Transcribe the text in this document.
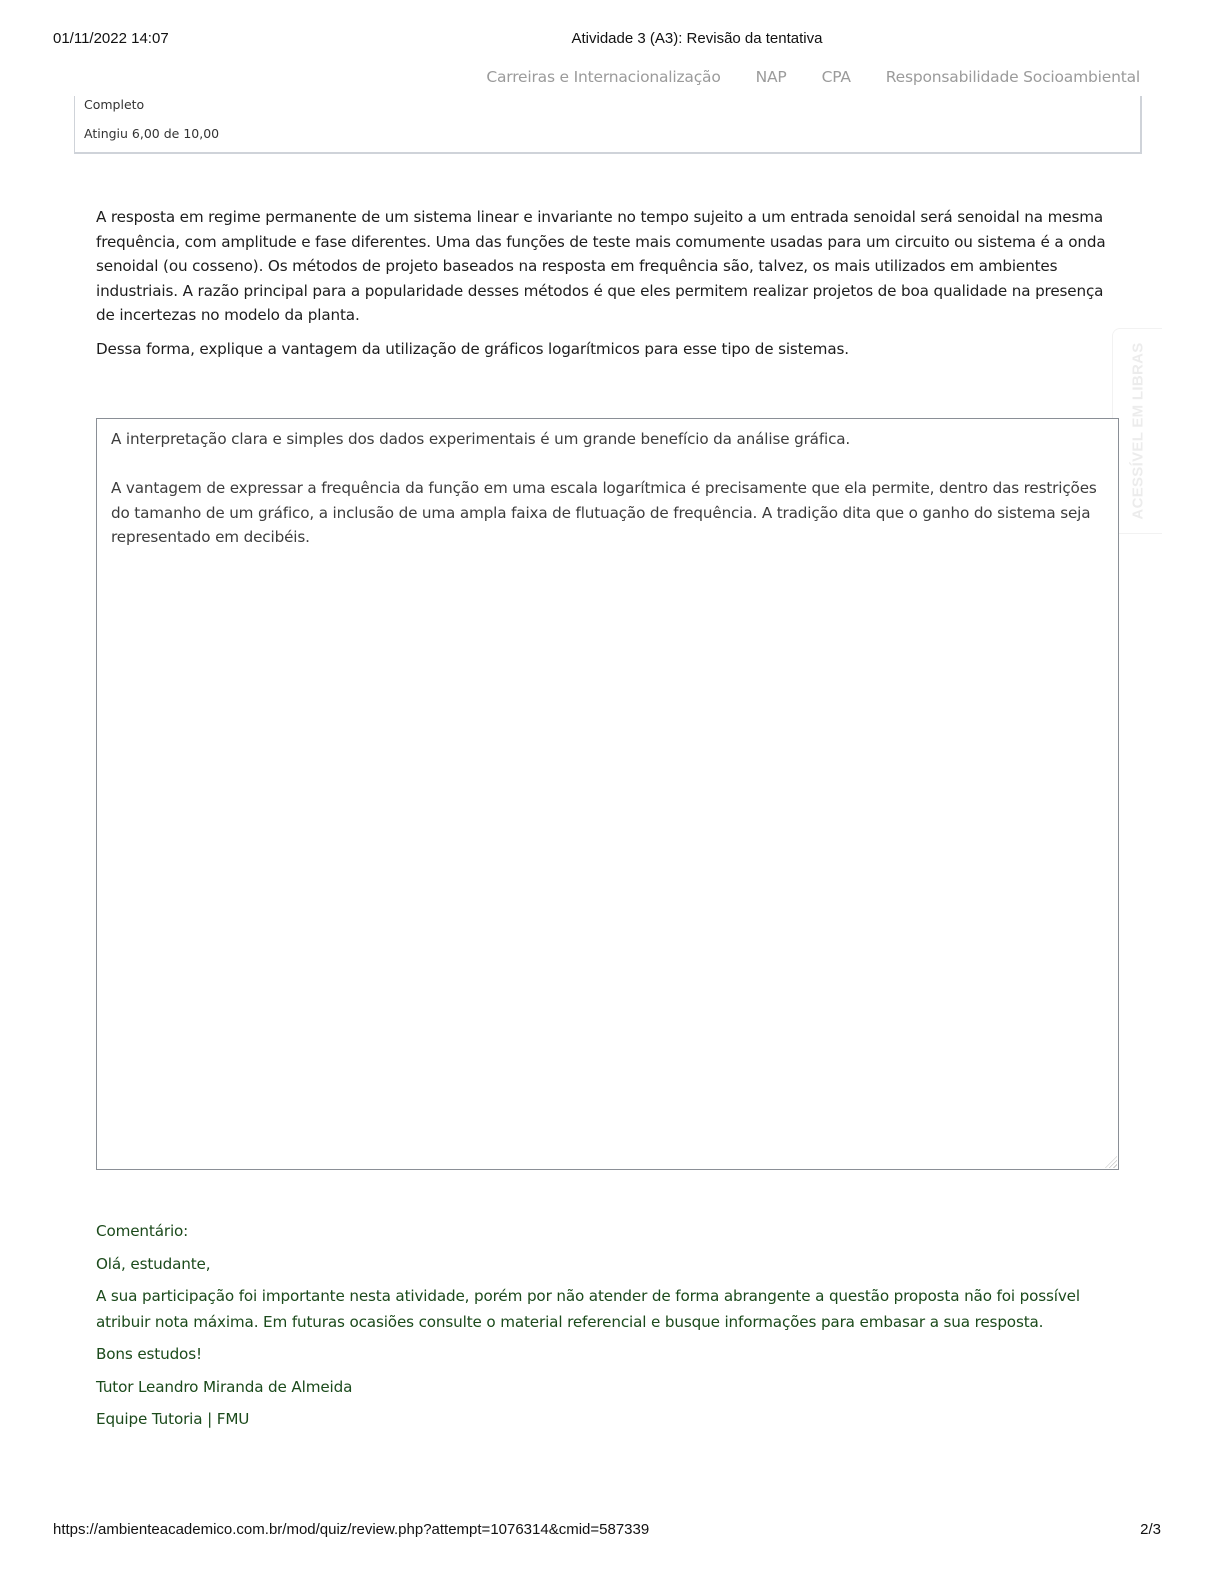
01/11/2022 14:07	Atividade 3 (A3): Revisão da tentativa
Carreiras e Internacionalização NAP CPA Responsabilidade Socioambiental
Completo
Atingiu 6,00 de 10,00

A resposta em regime permanente de um sistema linear e invariante no tempo sujeito a um entrada senoidal será senoidal na mesma frequência, com amplitude e fase diferentes. Uma das funções de teste mais comumente usadas para um circuito ou sistema é a onda senoidal (ou cosseno). Os métodos de projeto baseados na resposta em frequência são, talvez, os mais utilizados em ambientes industriais. A razão principal para a popularidade desses métodos é que eles permitem realizar projetos de boa qualidade na presença de incertezas no modelo da planta.

Dessa forma, explique a vantagem da utilização de gráficos logarítmicos para esse tipo de sistemas.	ACESSÍVEL EM LIBRAS

A interpretação clara e simples dos dados experimentais é um grande benefício da análise gráfica.

A vantagem de expressar a frequência da função em uma escala logarítmica é precisamente que ela permite, dentro das restrições do tamanho de um gráfico, a inclusão de uma ampla faixa de flutuação de frequência. A tradição dita que o ganho do sistema seja representado em decibéis.

Comentário:

Olá, estudante,

A sua participação foi importante nesta atividade, porém por não atender de forma abrangente a questão proposta não foi possível atribuir nota máxima. Em futuras ocasiões consulte o material referencial e busque informações para embasar a sua resposta.

Bons estudos!

Tutor Leandro Miranda de Almeida

Equipe Tutoria | FMU

https://ambienteacademico.com.br/mod/quiz/review.php?attempt=1076314&cmid=587339	2/3
